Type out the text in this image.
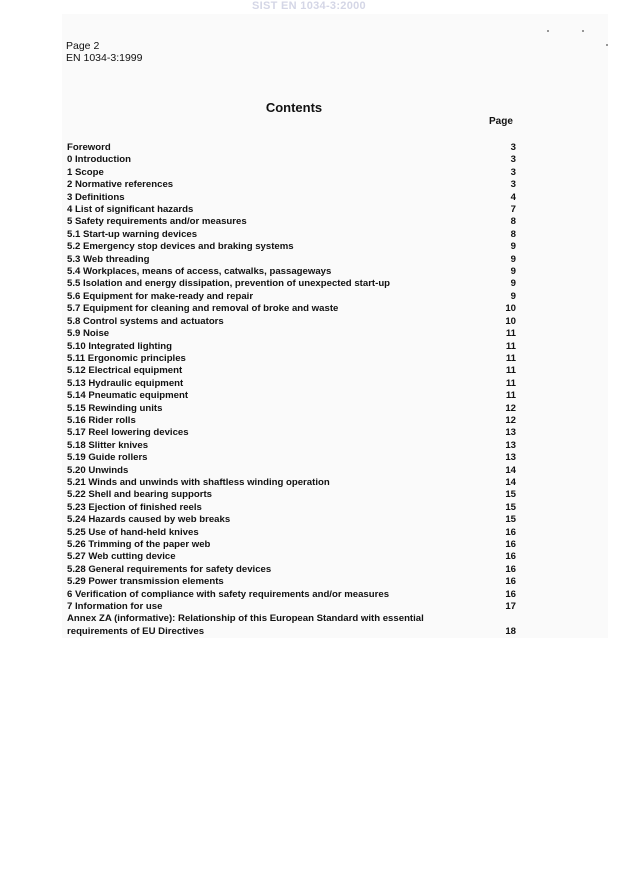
SIST EN 1034-3:2000
Page 2
EN 1034-3:1999
Contents
Page
Foreword	3
0 Introduction	3
1 Scope	3
2 Normative references	3
3 Definitions	4
4 List of significant hazards	7
5 Safety requirements and/or measures	8
5.1 Start-up warning devices	8
5.2 Emergency stop devices and braking systems	9
5.3 Web threading	9
5.4 Workplaces, means of access, catwalks, passageways	9
5.5 Isolation and energy dissipation, prevention of unexpected start-up	9
5.6 Equipment for make-ready and repair	9
5.7 Equipment for cleaning and removal of broke and waste	10
5.8 Control systems and actuators	10
5.9 Noise	11
5.10 Integrated lighting	11
5.11 Ergonomic principles	11
5.12 Electrical equipment	11
5.13 Hydraulic equipment	11
5.14 Pneumatic equipment	11
5.15 Rewinding units	12
5.16 Rider rolls	12
5.17 Reel lowering devices	13
5.18 Slitter knives	13
5.19 Guide rollers	13
5.20 Unwinds	14
5.21 Winds and unwinds with shaftless winding operation	14
5.22 Shell and bearing supports	15
5.23 Ejection of finished reels	15
5.24 Hazards caused by web breaks	15
5.25 Use of hand-held knives	16
5.26 Trimming of the paper web	16
5.27 Web cutting device	16
5.28 General requirements for safety devices	16
5.29 Power transmission elements	16
6 Verification of compliance with safety requirements and/or measures	16
7 Information for use	17
Annex ZA (informative): Relationship of this European Standard with essential requirements of EU Directives	18
